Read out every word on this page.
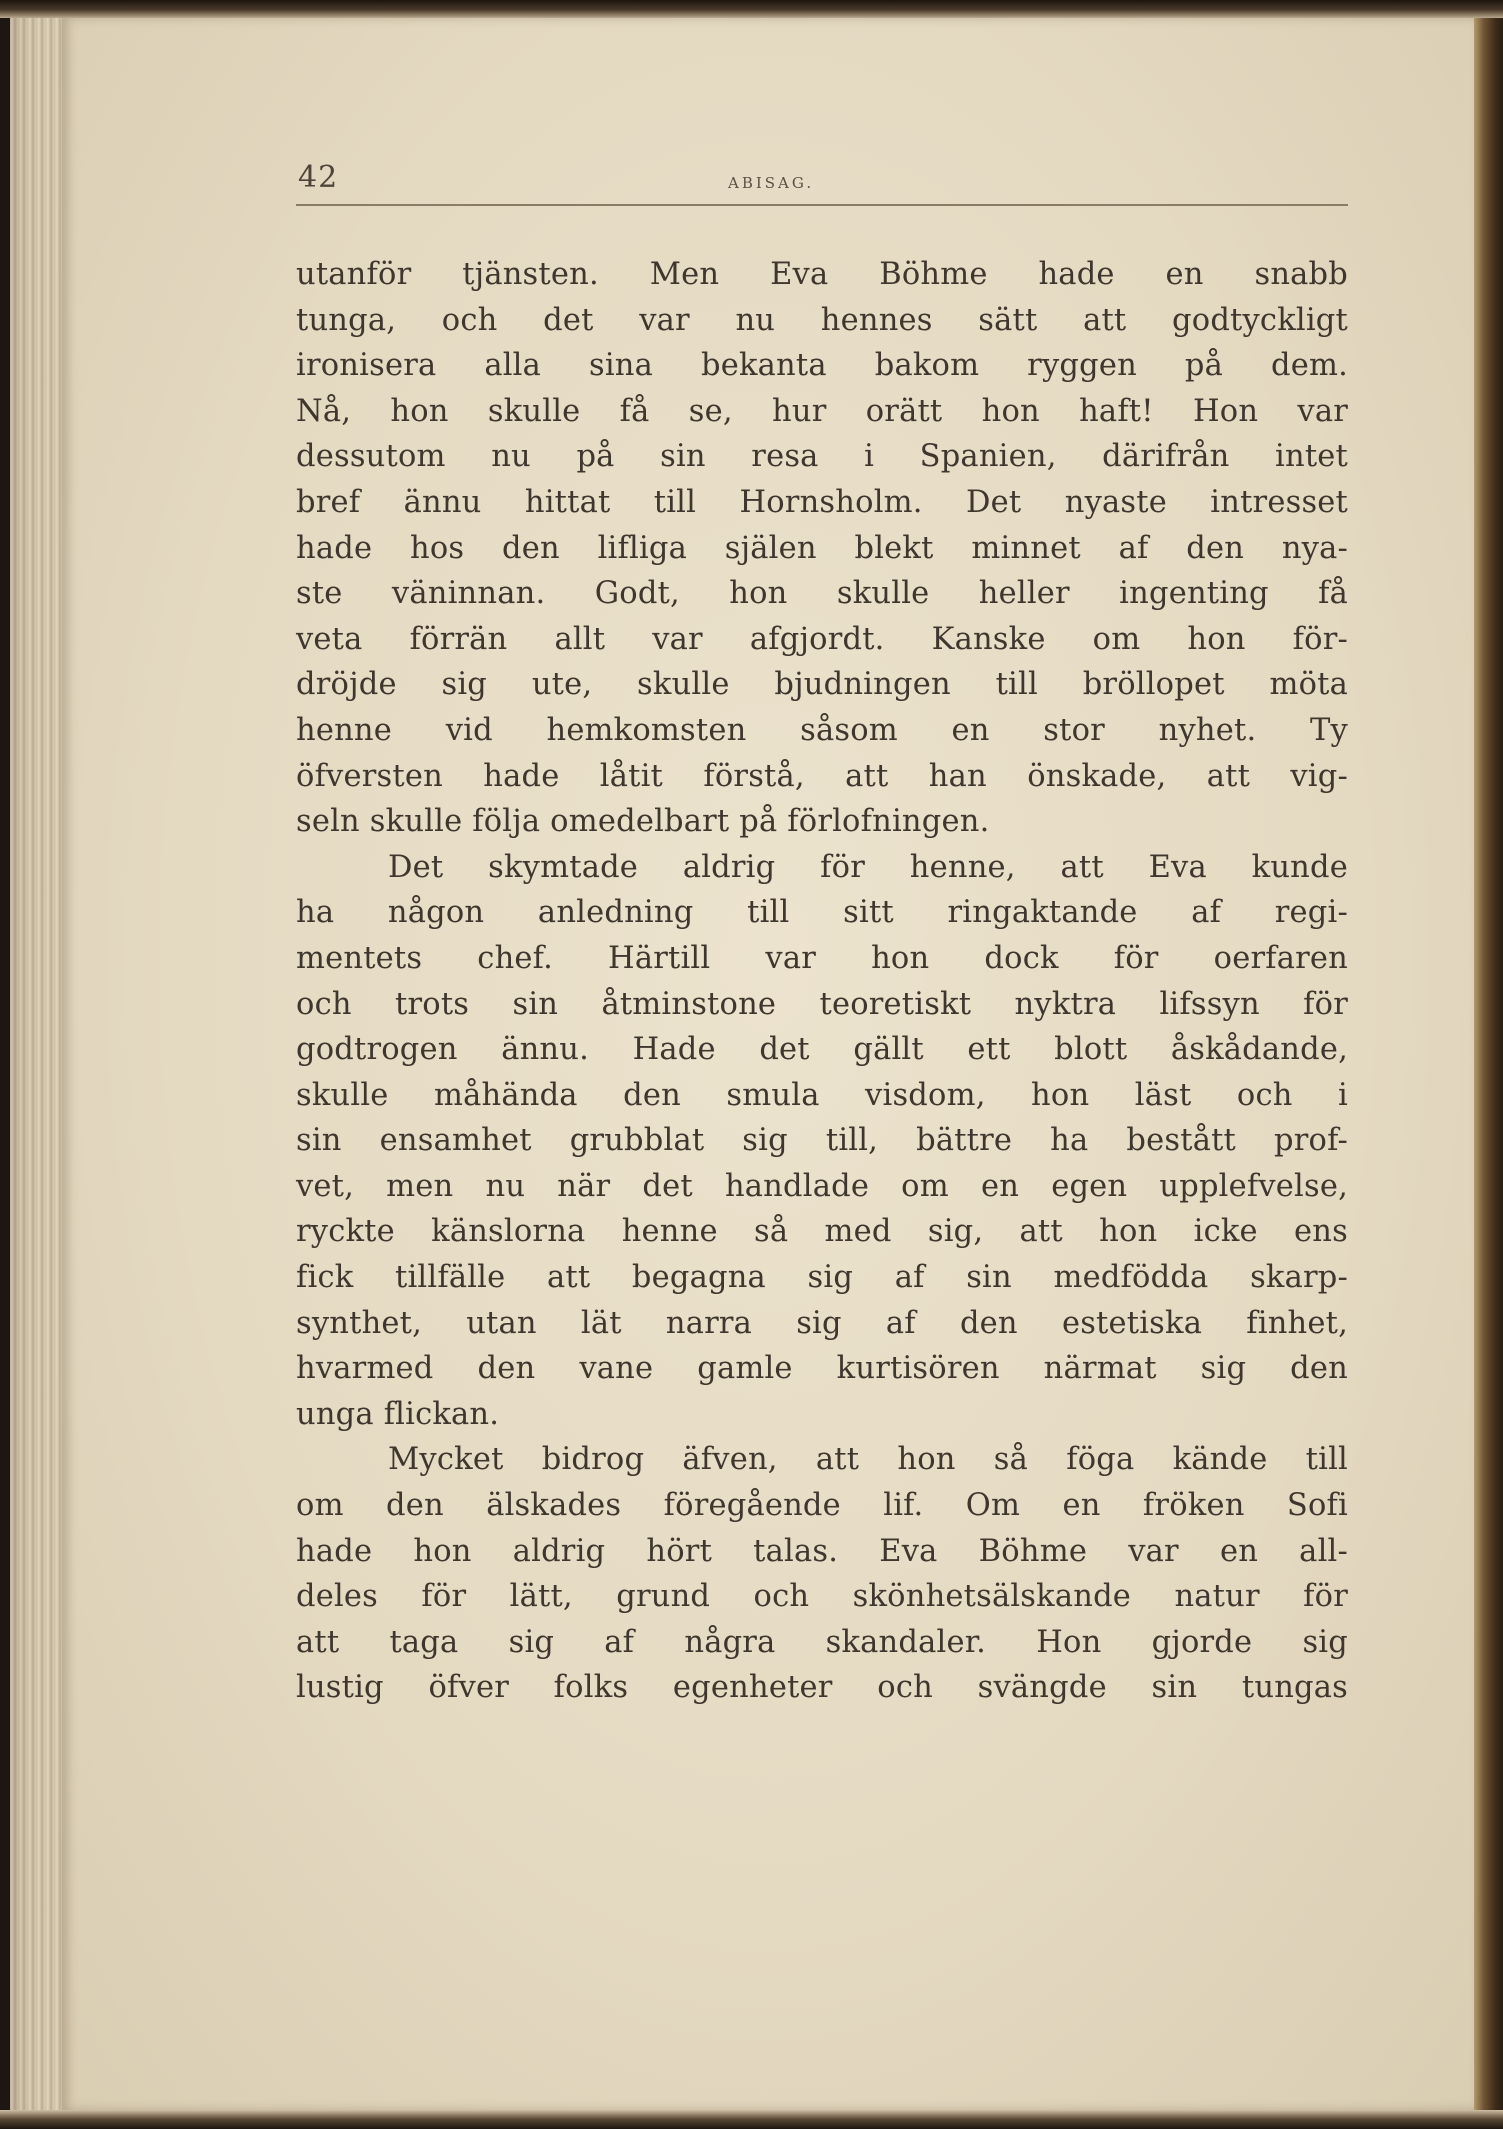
42	ABISAG.
utanför tjänsten. Men Eva Böhme hade en snabb
tunga, och det var nu hennes sätt att godtyckligt
ironisera alla sina bekanta bakom ryggen på dem.
Nå, hon skulle få se, hur orätt hon haft! Hon var
dessutom nu på sin resa i Spanien, därifrån intet
bref ännu hittat till Hornsholm. Det nyaste intresset
hade hos den lifliga själen blekt minnet af den nya-
ste väninnan. Godt, hon skulle heller ingenting få
veta förrän allt var afgjordt. Kanske om hon för-
dröjde sig ute, skulle bjudningen till bröllopet möta
henne vid hemkomsten såsom en stor nyhet. Ty
öfversten hade låtit förstå, att han önskade, att vig-
seln skulle följa omedelbart på förlofningen.
Det skymtade aldrig för henne, att Eva kunde
ha någon anledning till sitt ringaktande af regi-
mentets chef. Härtill var hon dock för oerfaren
och trots sin åtminstone teoretiskt nyktra lifssyn för
godtrogen ännu. Hade det gällt ett blott åskådande,
skulle måhända den smula visdom, hon läst och i
sin ensamhet grubblat sig till, bättre ha bestått prof-
vet, men nu när det handlade om en egen upplefvelse,
ryckte känslorna henne så med sig, att hon icke ens
fick tillfälle att begagna sig af sin medfödda skarp-
synthet, utan lät narra sig af den estetiska finhet,
hvarmed den vane gamle kurtisören närmat sig den
unga flickan.
Mycket bidrog äfven, att hon så föga kände till
om den älskades föregående lif. Om en fröken Sofi
hade hon aldrig hört talas. Eva Böhme var en all-
deles för lätt, grund och skönhetsälskande natur för
att taga sig af några skandaler. Hon gjorde sig
lustig öfver folks egenheter och svängde sin tungas
